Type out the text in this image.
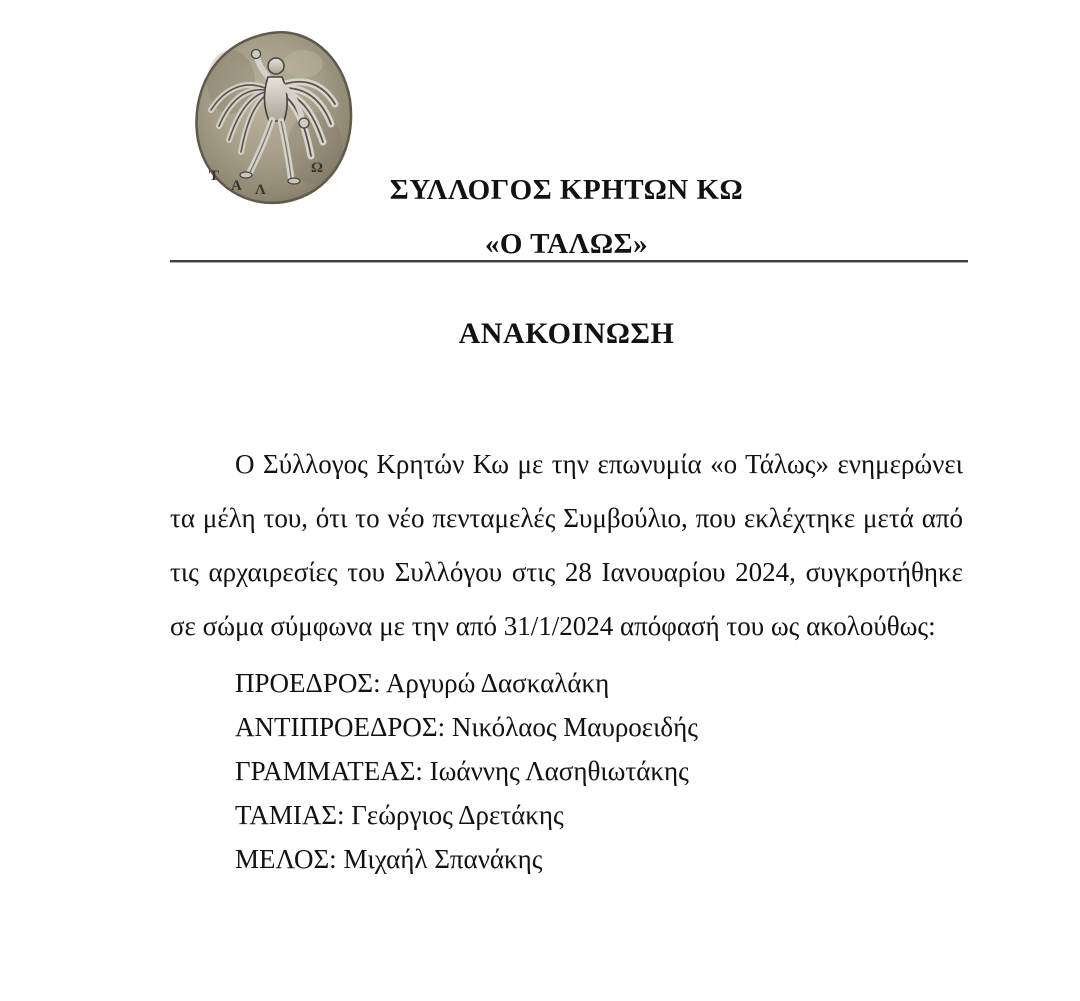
Τ
Α Λ
Ω
ΣΥΛΛΟΓΟΣ ΚΡΗΤΩΝ ΚΩ
«Ο ΤΑΛΩΣ»
ΑΝΑΚΟΙΝΩΣΗ

Ο Σύλλογος Κρητών Κω με την επωνυμία «ο Τάλως» ενημερώνει τα μέλη του, ότι το νέο πενταμελές Συμβούλιο, που εκλέχτηκε μετά από τις αρχαιρεσίες του Συλλόγου στις 28 Ιανουαρίου 2024, συγκροτήθηκε σε σώμα σύμφωνα με την από 31/1/2024 απόφασή του ως ακολούθως:

ΠΡΟΕΔΡΟΣ: Αργυρώ Δασκαλάκη
ΑΝΤΙΠΡΟΕΔΡΟΣ: Νικόλαος Μαυροειδής
ΓΡΑΜΜΑΤΕΑΣ: Ιωάννης Λασηθιωτάκης
ΤΑΜΙΑΣ: Γεώργιος Δρετάκης
ΜΕΛΟΣ: Μιχαήλ Σπανάκης
